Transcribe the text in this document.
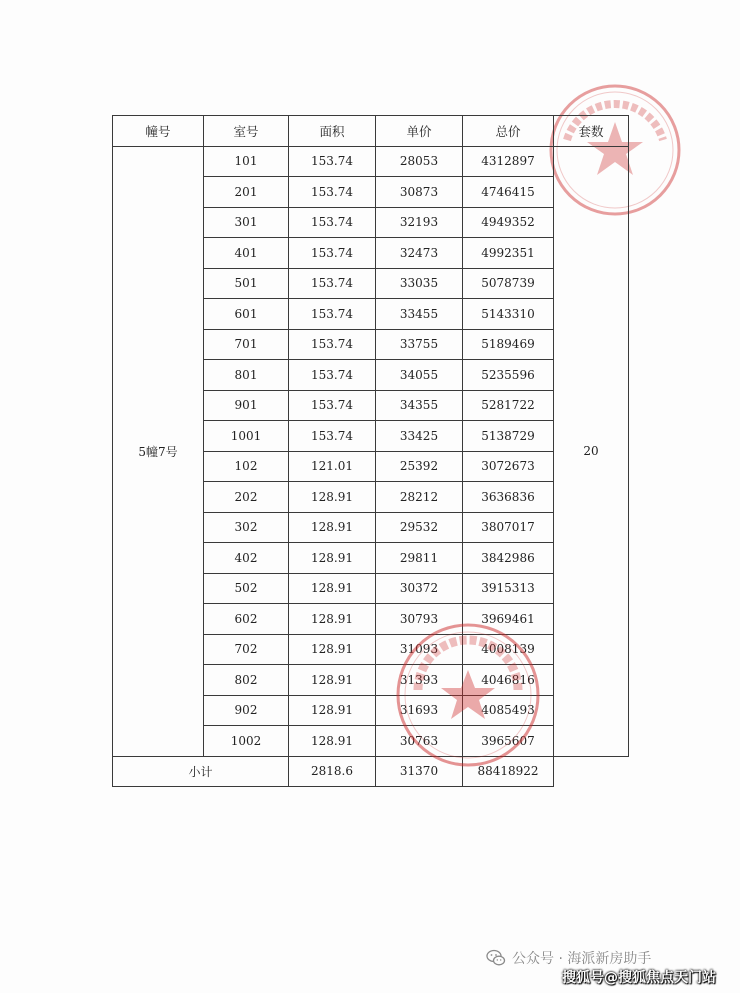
幢号	室号	面积	单价	总价	套数
5幢7号	101	153.74	28053	4312897	20
	201	153.74	30873	4746415	
	301	153.74	32193	4949352	
	401	153.74	32473	4992351	
	501	153.74	33035	5078739	
	601	153.74	33455	5143310	
	701	153.74	33755	5189469	
	801	153.74	34055	5235596	
	901	153.74	34355	5281722	
	1001	153.74	33425	5138729	
	102	121.01	25392	3072673	
	202	128.91	28212	3636836	
	302	128.91	29532	3807017	
	402	128.91	29811	3842986	
	502	128.91	30372	3915313	
	602	128.91	30793	3969461	
	702	128.91	31093	4008139	
	802	128.91	31393	4046816	
	902	128.91	31693	4085493	
	1002	128.91	30763	3965607	
小计		2818.6	31370	88418922	
公众号 · 海派新房助手
搜狐号@搜狐焦点天门站
